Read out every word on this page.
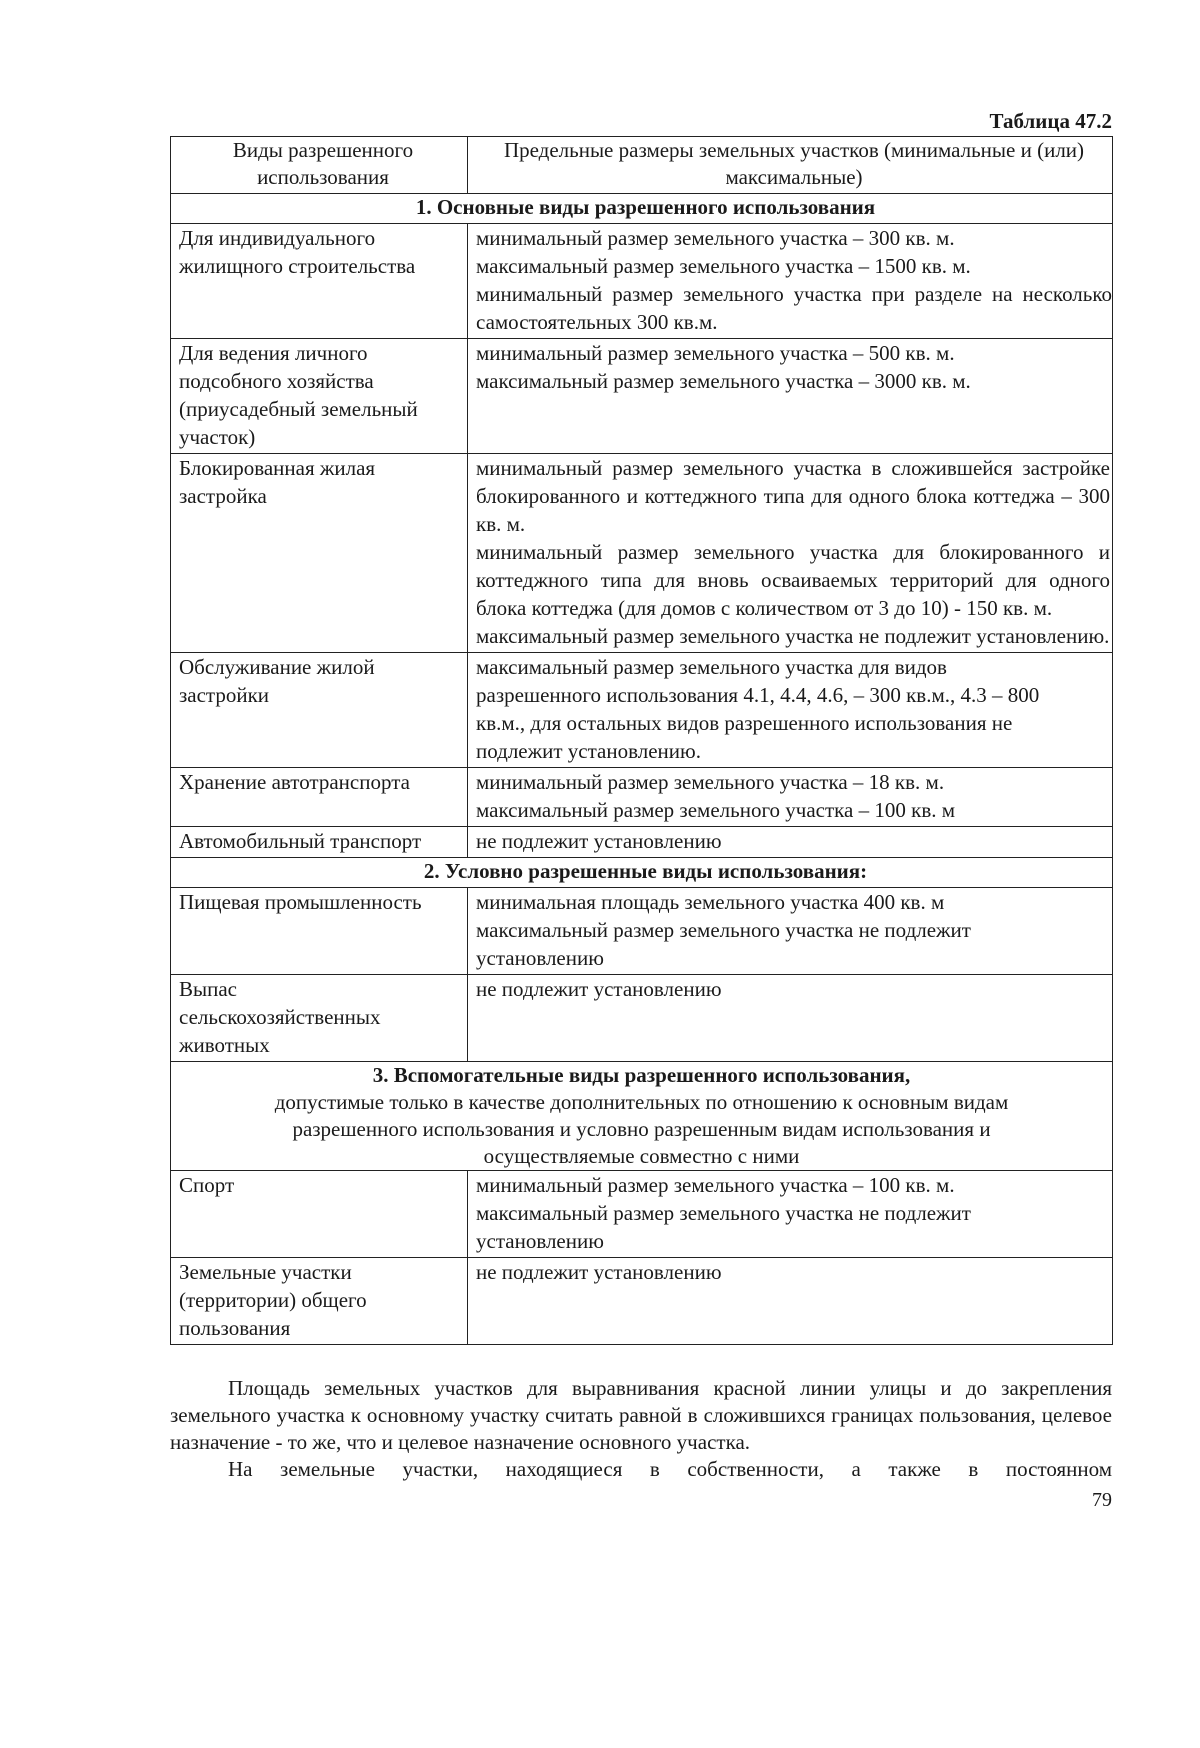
Таблица 47.2
Виды разрешенного использования	Предельные размеры земельных участков (минимальные и (или) максимальные)
1. Основные виды разрешенного использования	
Для индивидуального жилищного строительства	минимальный размер земельного участка – 300 кв. м.
максимальный размер земельного участка – 1500 кв. м.
минимальный размер земельного участка при разделе на несколько самостоятельных 300 кв.м.

Для ведения личного подсобного хозяйства (приусадебный земельный участок)	минимальный размер земельного участка – 500 кв. м.
максимальный размер земельного участка – 3000 кв. м.

Блокированная жилая застройка	минимальный размер земельного участка в сложившейся застройке блокированного и коттеджного типа для одного блока коттеджа – 300 кв. м.
минимальный размер земельного участка для блокированного и коттеджного типа для вновь осваиваемых территорий для одного блока коттеджа (для домов с количеством от 3 до 10) - 150 кв. м.
максимальный размер земельного участка не подлежит установлению.

Обслуживание жилой застройки	максимальный размер земельного участка для видов разрешенного использования 4.1, 4.4, 4.6, – 300 кв.м., 4.3 – 800 кв.м., для остальных видов разрешенного использования не подлежит установлению.

Хранение автотранспорта	минимальный размер земельного участка – 18 кв. м.
максимальный размер земельного участка – 100 кв. м

Автомобильный транспорт	не подлежит установлению

2. Условно разрешенные виды использования:	
Пищевая промышленность	минимальная площадь земельного участка 400 кв. м
максимальный размер земельного участка не подлежит установлению

Выпас сельскохозяйственных животных	не подлежит установлению

3. Вспомогательные виды разрешенного использования,
допустимые только в качестве дополнительных по отношению к основным видам разрешенного использования и условно разрешенным видам использования и осуществляемые совместно с ними	

Спорт	минимальный размер земельного участка – 100 кв. м.
максимальный размер земельного участка не подлежит установлению

Земельные участки (территории) общего пользования	не подлежит установлению

Площадь земельных участков для выравнивания красной линии улицы и до закрепления земельного участка к основному участку считать равной в сложившихся границах пользования, целевое назначение - то же, что и целевое назначение основного участка.

На земельные участки, находящиеся в собственности, а также в постоянном

79
